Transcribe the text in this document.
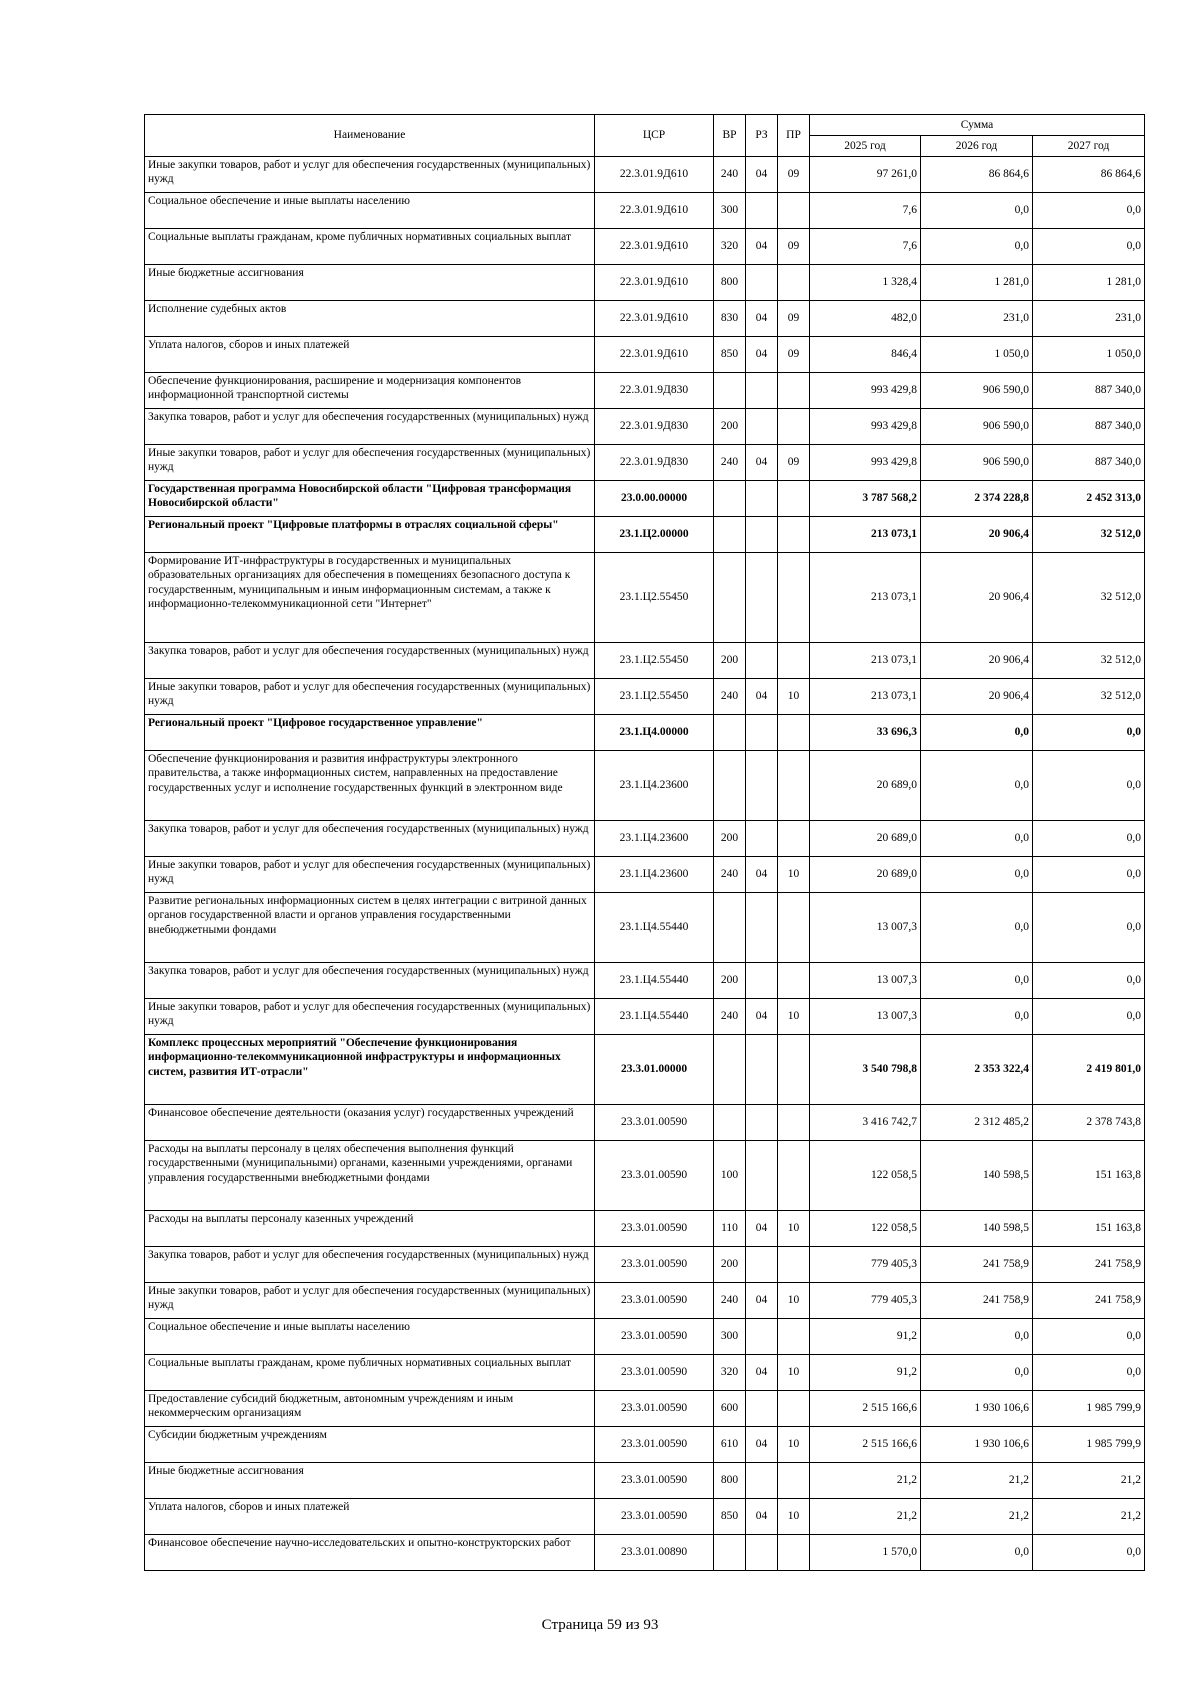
Наименование	ЦСР	ВР	РЗ	ПР	Сумма		
					2025 год	2026 год	2027 год
Иные закупки товаров, работ и услуг для обеспечения государственных (муниципальных) нужд	22.3.01.9Д610	240	04	09	97 261,0	86 864,6	86 864,6
Социальное обеспечение и иные выплаты населению	22.3.01.9Д610	300			7,6	0,0	0,0
Социальные выплаты гражданам, кроме публичных нормативных социальных выплат	22.3.01.9Д610	320	04	09	7,6	0,0	0,0
Иные бюджетные ассигнования	22.3.01.9Д610	800			1 328,4	1 281,0	1 281,0
Исполнение судебных актов	22.3.01.9Д610	830	04	09	482,0	231,0	231,0
Уплата налогов, сборов и иных платежей	22.3.01.9Д610	850	04	09	846,4	1 050,0	1 050,0
Обеспечение функционирования, расширение и модернизация компонентов информационной транспортной системы	22.3.01.9Д830				993 429,8	906 590,0	887 340,0
Закупка товаров, работ и услуг для обеспечения государственных (муниципальных) нужд	22.3.01.9Д830	200			993 429,8	906 590,0	887 340,0
Иные закупки товаров, работ и услуг для обеспечения государственных (муниципальных) нужд	22.3.01.9Д830	240	04	09	993 429,8	906 590,0	887 340,0
Государственная программа Новосибирской области "Цифровая трансформация Новосибирской области"	23.0.00.00000				3 787 568,2	2 374 228,8	2 452 313,0
Региональный проект "Цифровые платформы в отраслях социальной сферы"	23.1.Ц2.00000				213 073,1	20 906,4	32 512,0
Формирование ИТ-инфраструктуры в государственных и муниципальных образовательных организациях для обеспечения в помещениях безопасного доступа к государственным, муниципальным и иным информационным системам, а также к информационно-телекоммуникационной сети "Интернет"	23.1.Ц2.55450				213 073,1	20 906,4	32 512,0
Закупка товаров, работ и услуг для обеспечения государственных (муниципальных) нужд	23.1.Ц2.55450	200			213 073,1	20 906,4	32 512,0
Иные закупки товаров, работ и услуг для обеспечения государственных (муниципальных) нужд	23.1.Ц2.55450	240	04	10	213 073,1	20 906,4	32 512,0
Региональный проект "Цифровое государственное управление"	23.1.Ц4.00000				33 696,3	0,0	0,0
Обеспечение функционирования и развития инфраструктуры электронного правительства, а также информационных систем, направленных на предоставление государственных услуг и исполнение государственных функций в электронном виде	23.1.Ц4.23600				20 689,0	0,0	0,0
Закупка товаров, работ и услуг для обеспечения государственных (муниципальных) нужд	23.1.Ц4.23600	200			20 689,0	0,0	0,0
Иные закупки товаров, работ и услуг для обеспечения государственных (муниципальных) нужд	23.1.Ц4.23600	240	04	10	20 689,0	0,0	0,0
Развитие региональных информационных систем в целях интеграции с витриной данных органов государственной власти и органов управления государственными внебюджетными фондами	23.1.Ц4.55440				13 007,3	0,0	0,0
Закупка товаров, работ и услуг для обеспечения государственных (муниципальных) нужд	23.1.Ц4.55440	200			13 007,3	0,0	0,0
Иные закупки товаров, работ и услуг для обеспечения государственных (муниципальных) нужд	23.1.Ц4.55440	240	04	10	13 007,3	0,0	0,0
Комплекс процессных мероприятий "Обеспечение функционирования информационно-телекоммуникационной инфраструктуры и информационных систем, развития ИТ-отрасли"	23.3.01.00000				3 540 798,8	2 353 322,4	2 419 801,0
Финансовое обеспечение деятельности (оказания услуг) государственных учреждений	23.3.01.00590				3 416 742,7	2 312 485,2	2 378 743,8
Расходы на выплаты персоналу в целях обеспечения выполнения функций государственными (муниципальными) органами, казенными учреждениями, органами управления государственными внебюджетными фондами	23.3.01.00590	100			122 058,5	140 598,5	151 163,8
Расходы на выплаты персоналу казенных учреждений	23.3.01.00590	110	04	10	122 058,5	140 598,5	151 163,8
Закупка товаров, работ и услуг для обеспечения государственных (муниципальных) нужд	23.3.01.00590	200			779 405,3	241 758,9	241 758,9
Иные закупки товаров, работ и услуг для обеспечения государственных (муниципальных) нужд	23.3.01.00590	240	04	10	779 405,3	241 758,9	241 758,9
Социальное обеспечение и иные выплаты населению	23.3.01.00590	300			91,2	0,0	0,0
Социальные выплаты гражданам, кроме публичных нормативных социальных выплат	23.3.01.00590	320	04	10	91,2	0,0	0,0
Предоставление субсидий бюджетным, автономным учреждениям и иным некоммерческим организациям	23.3.01.00590	600			2 515 166,6	1 930 106,6	1 985 799,9
Субсидии бюджетным учреждениям	23.3.01.00590	610	04	10	2 515 166,6	1 930 106,6	1 985 799,9
Иные бюджетные ассигнования	23.3.01.00590	800			21,2	21,2	21,2
Уплата налогов, сборов и иных платежей	23.3.01.00590	850	04	10	21,2	21,2	21,2
Финансовое обеспечение научно-исследовательских и опытно-конструкторских работ	23.3.01.00890				1 570,0	0,0	0,0
Страница 59 из 93
